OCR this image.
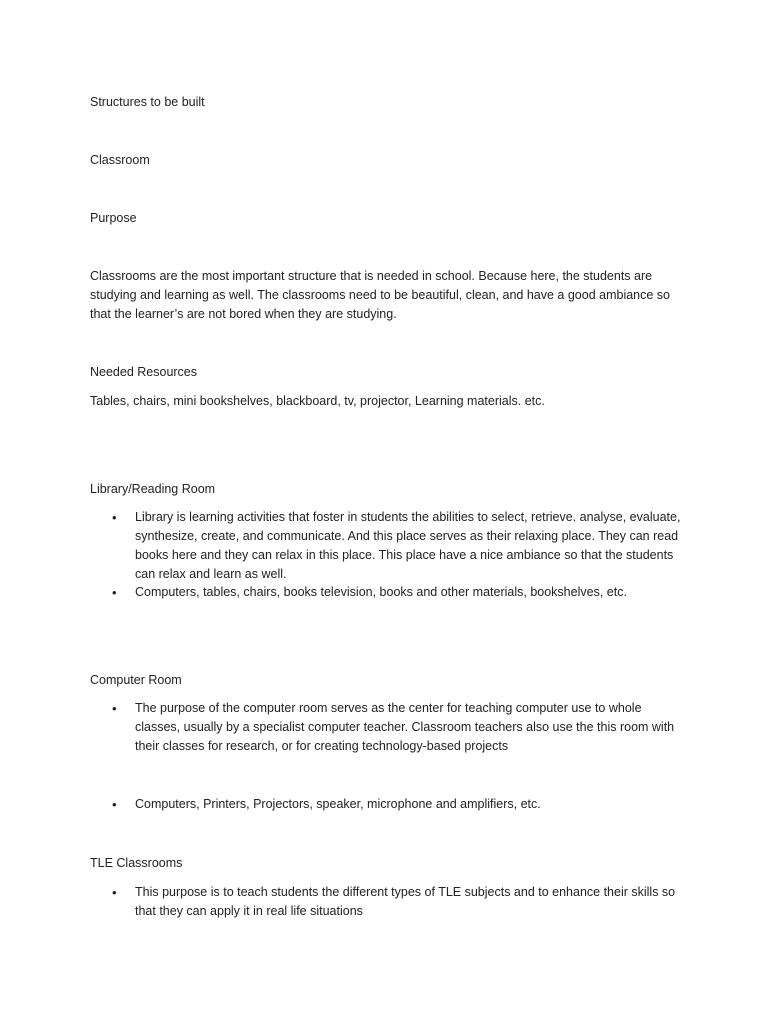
Structures to be built
Classroom
Purpose
Classrooms are the most important structure that is needed in school. Because here, the students are studying and learning as well. The classrooms need to be beautiful, clean, and have a good ambiance so that the learner’s are not bored when they are studying.
Needed Resources
Tables, chairs, mini bookshelves, blackboard, tv, projector, Learning materials. etc.
Library/Reading Room
• Library is learning activities that foster in students the abilities to select, retrieve. analyse, evaluate, synthesize, create, and communicate. And this place serves as their relaxing place. They can read books here and they can relax in this place. This place have a nice ambiance so that the students can relax and learn as well.
• Computers, tables, chairs, books television, books and other materials, bookshelves, etc.
Computer Room
• The purpose of the computer room serves as the center for teaching computer use to whole classes, usually by a specialist computer teacher. Classroom teachers also use the this room with their classes for research, or for creating technology-based projects
• Computers, Printers, Projectors, speaker, microphone and amplifiers, etc.
TLE Classrooms
• This purpose is to teach students the different types of TLE subjects and to enhance their skills so that they can apply it in real life situations
